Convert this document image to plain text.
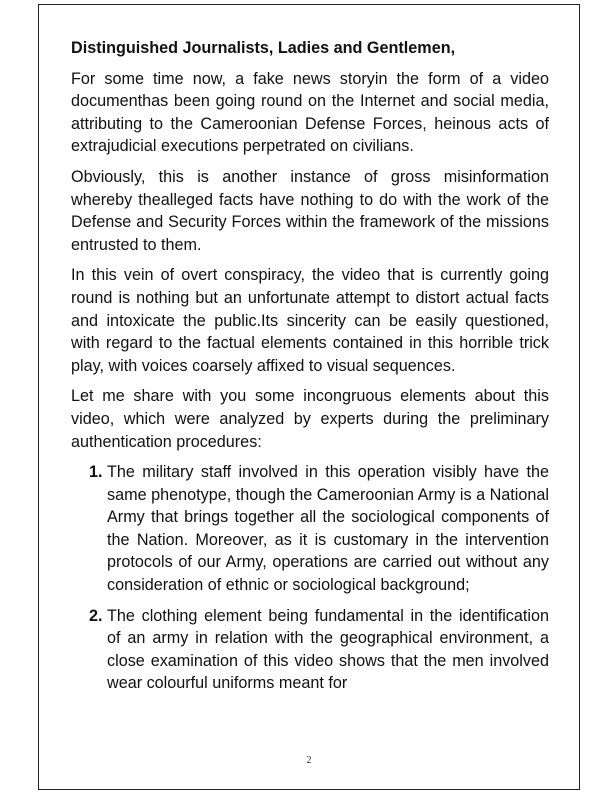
Distinguished Journalists, Ladies and Gentlemen,

For some time now, a fake news storyin the form of a video documenthas been going round on the Internet and social media, attributing to the Cameroonian Defense Forces, heinous acts of extrajudicial executions perpetrated on civilians.

Obviously, this is another instance of gross misinformation whereby thealleged facts have nothing to do with the work of the Defense and Security Forces within the framework of the missions entrusted to them.

In this vein of overt conspiracy, the video that is currently going round is nothing but an unfortunate attempt to distort actual facts and intoxicate the public.Its sincerity can be easily questioned, with regard to the factual elements contained in this horrible trick play, with voices coarsely affixed to visual sequences.

Let me share with you some incongruous elements about this video, which were analyzed by experts during the preliminary authentication procedures:

1. The military staff involved in this operation visibly have the same phenotype, though the Cameroonian Army is a National Army that brings together all the sociological components of the Nation. Moreover, as it is customary in the intervention protocols of our Army, operations are carried out without any consideration of ethnic or sociological background;
2. The clothing element being fundamental in the identification of an army in relation with the geographical environment, a close examination of this video shows that the men involved wear colourful uniforms meant for
2
